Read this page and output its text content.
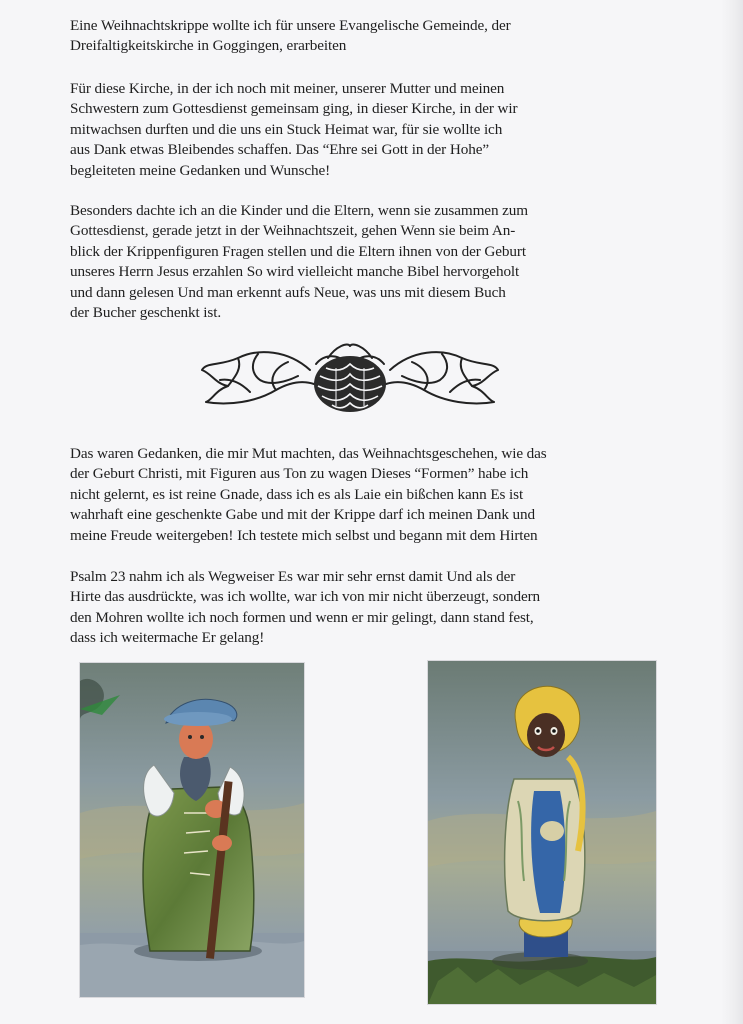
Eine Weihnachtskrippe wollte ich für unsere Evangelische Gemeinde, der
Dreifaltigkeitskirche in Goggingen, erarbeiten
Für diese Kirche, in der ich noch mit meiner, unserer Mutter und meinen
Schwestern zum Gottesdienst gemeinsam ging, in dieser Kirche, in der wir
mitwachsen durften und die uns ein Stuck Heimat war, für sie wollte ich
aus Dank etwas Bleibendes schaffen. Das “Ehre sei Gott in der Hohe”
begleiteten meine Gedanken und Wunsche!
Besonders dachte ich an die Kinder und die Eltern, wenn sie zusammen zum
Gottesdienst, gerade jetzt in der Weihnachtszeit, gehen Wenn sie beim An-
blick der Krippenfiguren Fragen stellen und die Eltern ihnen von der Geburt
unseres Herrn Jesus erzahlen So wird vielleicht manche Bibel hervorgeholt
und dann gelesen Und man erkennt aufs Neue, was uns mit diesem Buch
der Bucher geschenkt ist.
Das waren Gedanken, die mir Mut machten, das Weihnachtsgeschehen, wie das
der Geburt Christi, mit Figuren aus Ton zu wagen Dieses “Formen” habe ich
nicht gelernt, es ist reine Gnade, dass ich es als Laie ein bißchen kann Es ist
wahrhaft eine geschenkte Gabe und mit der Krippe darf ich meinen Dank und
meine Freude weitergeben! Ich testete mich selbst und begann mit dem Hirten
Psalm 23 nahm ich als Wegweiser Es war mir sehr ernst damit Und als der
Hirte das ausdrückte, was ich wollte, war ich von mir nicht überzeugt, sondern
den Mohren wollte ich noch formen und wenn er mir gelingt, dann stand fest,
dass ich weitermache Er gelang!
